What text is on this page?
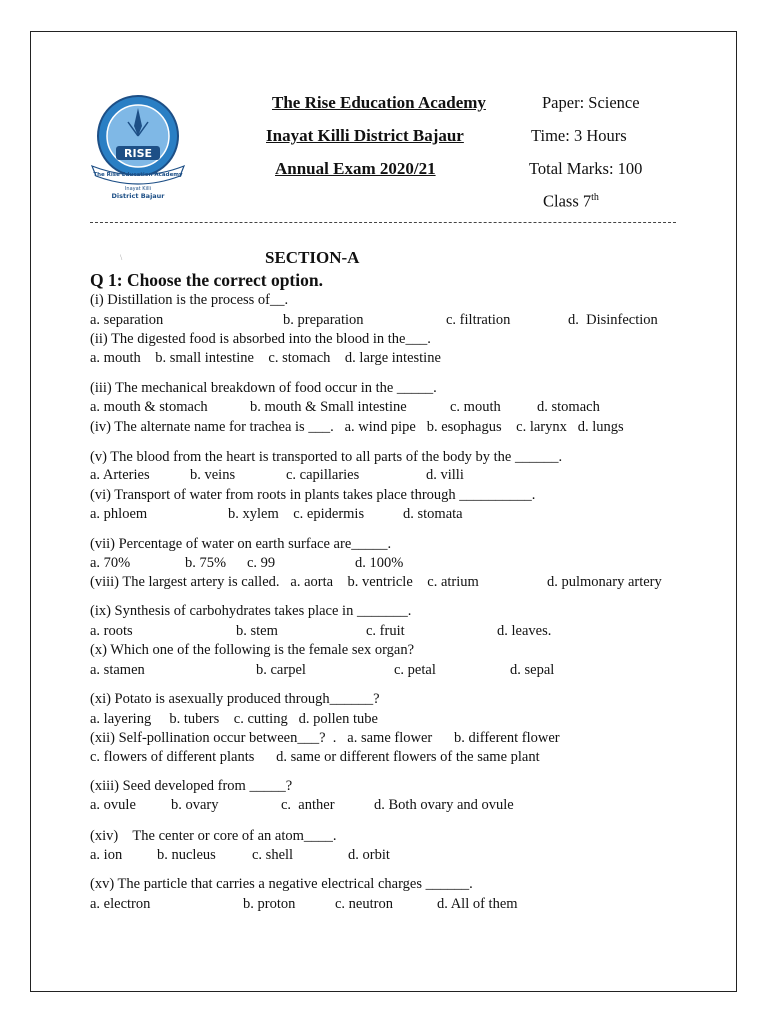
RISE
The Rise Education Academy
Inayat Killi
District Bajaur
The Rise Education Academy
Inayat Killi District Bajaur
Annual Exam 2020/21
Paper: Science
Time: 3 Hours
Total Marks: 100
Class 7th
\	SECTION-A
Q 1: Choose the correct option.
(i) Distillation is the process of__.
a. separation	b. preparation	c. filtration	d.  Disinfection
(ii) The digested food is absorbed into the blood in the___.
a. mouth    b. small intestine    c. stomach    d. large intestine
(iii) The mechanical breakdown of food occur in the _____.
a. mouth & stomach	b. mouth & Small intestine	c. mouth	d. stomach
(iv) The alternate name for trachea is ___.   a. wind pipe   b. esophagus    c. larynx   d. lungs
(v) The blood from the heart is transported to all parts of the body by the ______.
a. Arteries	b. veins	c. capillaries	d. villi
(vi) Transport of water from roots in plants takes place through __________.
a. phloem	b. xylem    c. epidermis	d. stomata
(vii) Percentage of water on earth surface are_____.
a. 70%	b. 75% c. 99	d. 100%
(viii) The largest artery is called.   a. aorta    b. ventricle    c. atrium	d. pulmonary artery
(ix) Synthesis of carbohydrates takes place in _______.
a. roots	b. stem	c. fruit	d. leaves.
(x) Which one of the following is the female sex organ?
a. stamen	b. carpel	c. petal	d. sepal
(xi) Potato is asexually produced through______?
a. layering     b. tubers    c. cutting   d. pollen tube
(xii) Self-pollination occur between___?  .   a. same flower      b. different flower
c. flowers of different plants      d. same or different flowers of the same plant
(xiii) Seed developed from _____?
a. ovule b. ovary	c.  anther	d. Both ovary and ovule
(xiv)    The center or core of an atom____.
a. ion b. nucleus c. shell	d. orbit
(xv) The particle that carries a negative electrical charges ______.
a. electron	b. proton	c. neutron	d. All of them
